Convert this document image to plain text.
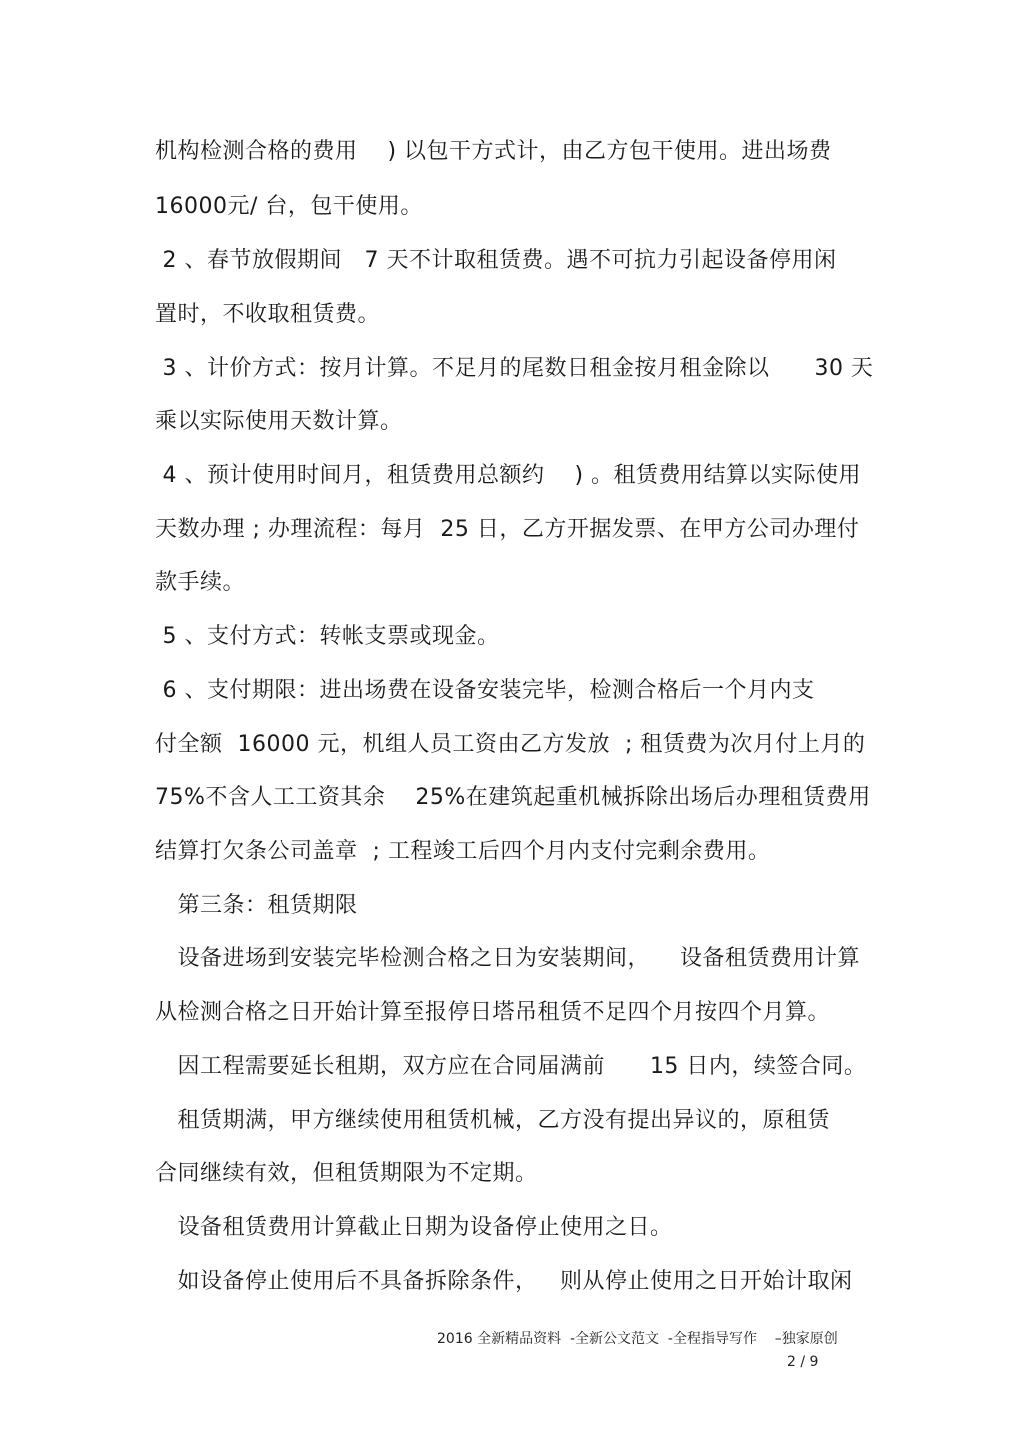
机构检测合格的费用    ) 以包干方式计，由乙方包干使用。进出场费
16000元/ 台，包干使用。
2 、春节放假期间   7 天不计取租赁费。遇不可抗力引起设备停用闲
置时，不收取租赁费。
3 、计价方式：按月计算。不足月的尾数日租金按月租金除以      30 天
乘以实际使用天数计算。
4 、预计使用时间月，租赁费用总额约    ) 。租赁费用结算以实际使用
天数办理 ; 办理流程：每月  25 日，乙方开据发票、在甲方公司办理付
款手续。
5 、支付方式：转帐支票或现金。
6 、支付期限：进出场费在设备安装完毕，检测合格后一个月内支
付全额  16000 元，机组人员工资由乙方发放  ; 租赁费为次月付上月的
75%不含人工工资其余    25%在建筑起重机械拆除出场后办理租赁费用
结算打欠条公司盖章  ; 工程竣工后四个月内支付完剩余费用。
第三条：租赁期限
设备进场到安装完毕检测合格之日为安装期间，    设备租赁费用计算
从检测合格之日开始计算至报停日塔吊租赁不足四个月按四个月算。
因工程需要延长租期，双方应在合同届满前      15 日内，续签合同。
租赁期满，甲方继续使用租赁机械，乙方没有提出异议的，原租赁
合同继续有效，但租赁期限为不定期。
设备租赁费用计算截止日期为设备停止使用之日。
如设备停止使用后不具备拆除条件，   则从停止使用之日开始计取闲
2016 全新精品资料  -全新公文范文  -全程指导写作    –独家原创
2 / 9
